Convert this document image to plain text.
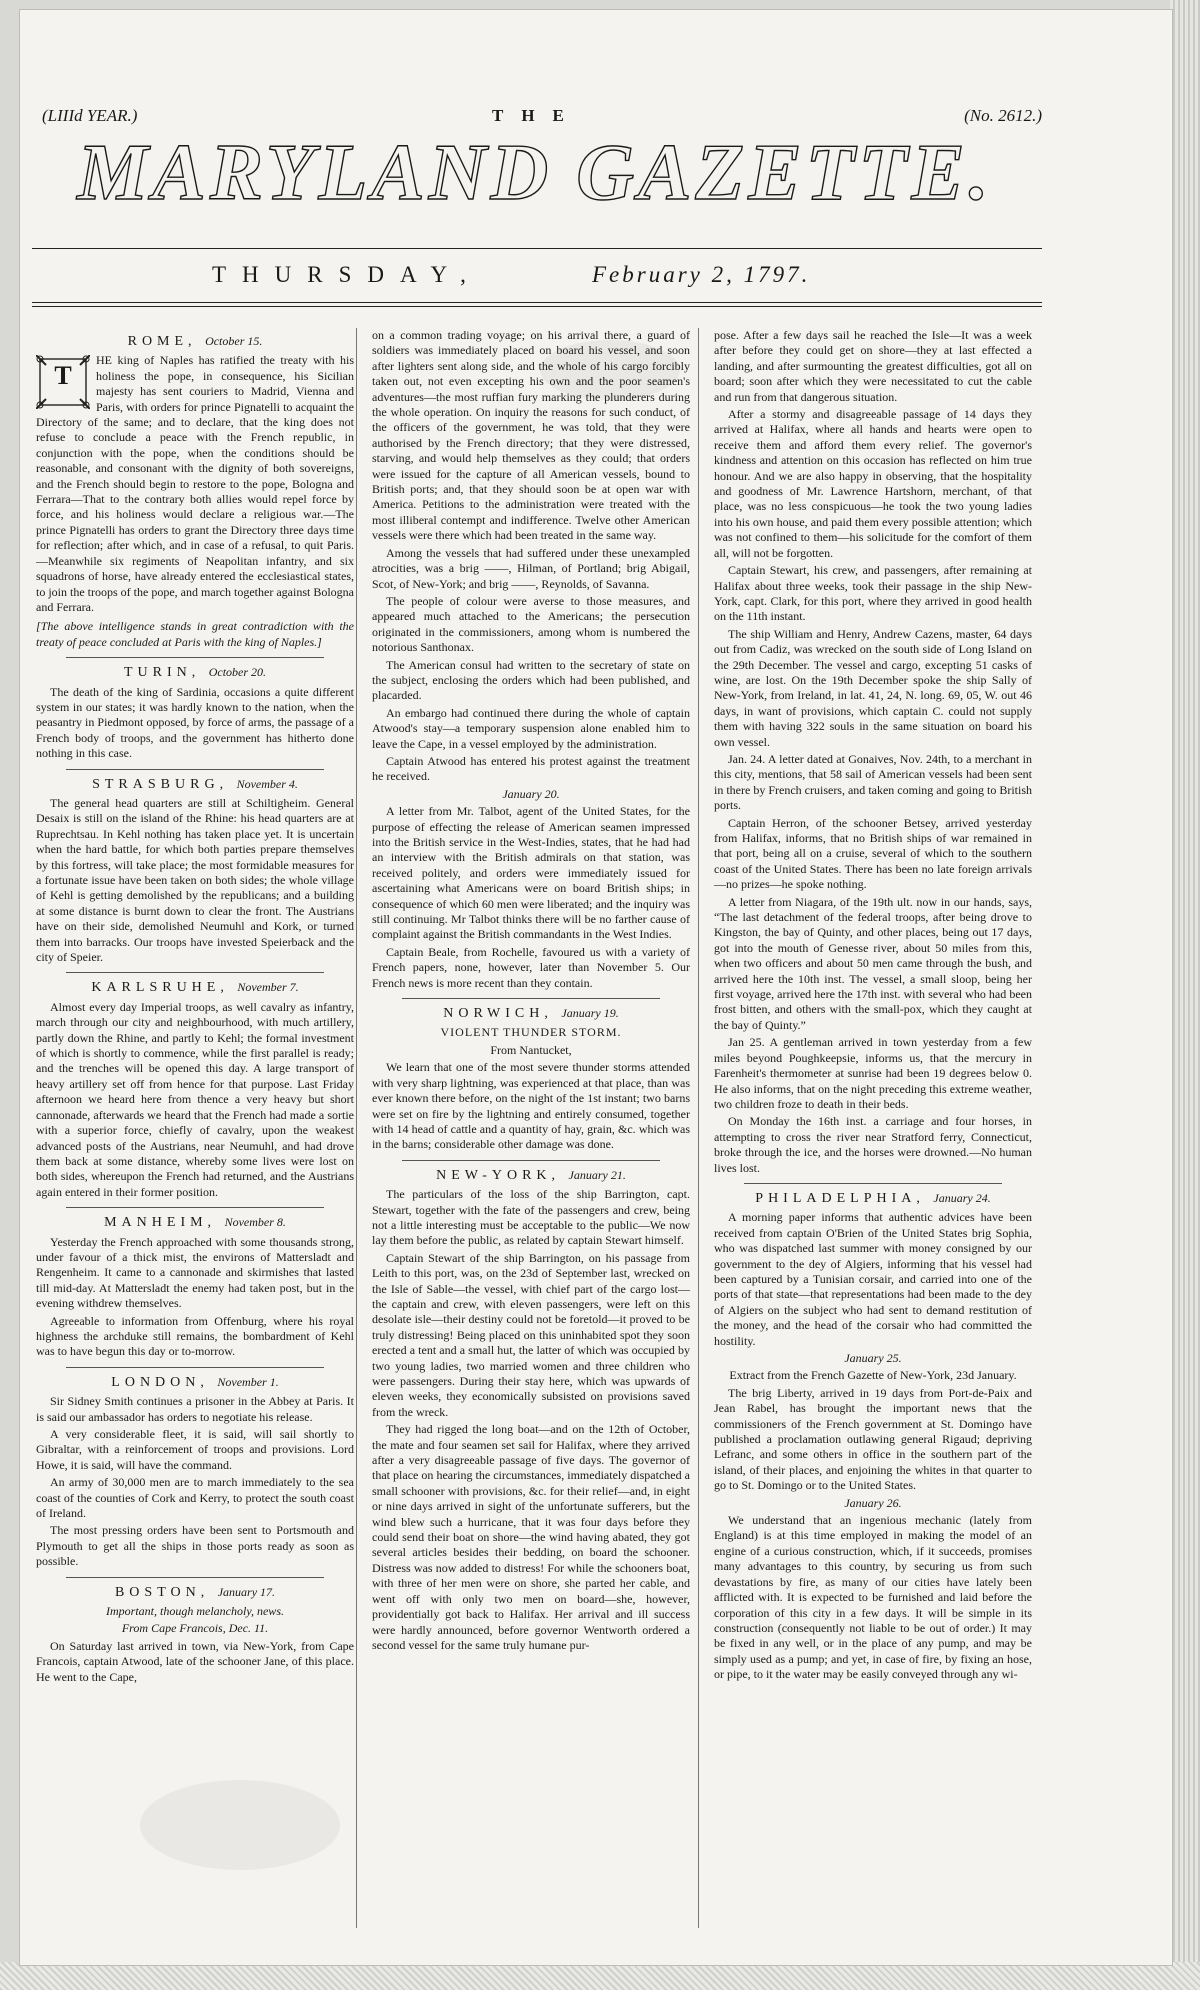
(LIIId YEAR.)	THE	(No. 2612.)
MARYLAND GAZETTE.
THURSDAY,	February 2, 1797.
ROME, October 15.
T

HE king of Naples has ratified the treaty with his holiness the pope, in consequence, his Sicilian majesty has sent couriers to Madrid, Vienna and Paris, with orders for prince Pignatelli to acquaint the Directory of the same; and to declare, that the king does not refuse to conclude a peace with the French republic, in conjunction with the pope, when the conditions should be reasonable, and consonant with the dignity of both sovereigns, and the French should begin to restore to the pope, Bologna and Ferrara—That to the contrary both allies would repel force by force, and his holiness would declare a religious war.—The prince Pignatelli has orders to grant the Directory three days time for reflection; after which, and in case of a refusal, to quit Paris.—Meanwhile six regiments of Neapolitan infantry, and six squadrons of horse, have already entered the ecclesiastical states, to join the troops of the pope, and march together against Bologna and Ferrara.

[The above intelligence stands in great contradiction with the treaty of peace concluded at Paris with the king of Naples.]

TURIN, October 20.

The death of the king of Sardinia, occasions a quite different system in our states; it was hardly known to the nation, when the peasantry in Piedmont opposed, by force of arms, the passage of a French body of troops, and the government has hitherto done nothing in this case.

STRASBURG, November 4.

The general head quarters are still at Schiltigheim. General Desaix is still on the island of the Rhine: his head quarters are at Ruprechtsau. In Kehl nothing has taken place yet. It is uncertain when the hard battle, for which both parties prepare themselves by this fortress, will take place; the most formidable measures for a fortunate issue have been taken on both sides; the whole village of Kehl is getting demolished by the republicans; and a building at some distance is burnt down to clear the front. The Austrians have on their side, demolished Neumuhl and Kork, or turned them into barracks. Our troops have invested Speierback and the city of Speier.

KARLSRUHE, November 7.

Almost every day Imperial troops, as well cavalry as infantry, march through our city and neighbourhood, with much artillery, partly down the Rhine, and partly to Kehl; the formal investment of which is shortly to commence, while the first parallel is ready; and the trenches will be opened this day. A large transport of heavy artillery set off from hence for that purpose. Last Friday afternoon we heard here from thence a very heavy but short cannonade, afterwards we heard that the French had made a sortie with a superior force, chiefly of cavalry, upon the weakest advanced posts of the Austrians, near Neumuhl, and had drove them back at some distance, whereby some lives were lost on both sides, whereupon the French had returned, and the Austrians again entered in their former position.

MANHEIM, November 8.

Yesterday the French approached with some thousands strong, under favour of a thick mist, the environs of Mattersladt and Rengenheim. It came to a cannonade and skirmishes that lasted till mid-day. At Mattersladt the enemy had taken post, but in the evening withdrew themselves.

Agreeable to information from Offenburg, where his royal highness the archduke still remains, the bombardment of Kehl was to have begun this day or to-morrow.

LONDON, November 1.

Sir Sidney Smith continues a prisoner in the Abbey at Paris. It is said our ambassador has orders to negotiate his release.

A very considerable fleet, it is said, will sail shortly to Gibraltar, with a reinforcement of troops and provisions. Lord Howe, it is said, will have the command.

An army of 30,000 men are to march immediately to the sea coast of the counties of Cork and Kerry, to protect the south coast of Ireland.

The most pressing orders have been sent to Portsmouth and Plymouth to get all the ships in those ports ready as soon as possible.

BOSTON, January 17.
Important, though melancholy, news.
From Cape Francois, Dec. 11.

On Saturday last arrived in town, via New-York, from Cape Francois, captain Atwood, late of the schooner Jane, of this place. He went to the Cape,

on a common trading voyage; on his arrival there, a guard of soldiers was immediately placed on board his vessel, and soon after lighters sent along side, and the whole of his cargo forcibly taken out, not even excepting his own and the poor seamen's adventures—the most ruffian fury marking the plunderers during the whole operation. On inquiry the reasons for such conduct, of the officers of the government, he was told, that they were authorised by the French directory; that they were distressed, starving, and would help themselves as they could; that orders were issued for the capture of all American vessels, bound to British ports; and, that they should soon be at open war with America. Petitions to the administration were treated with the most illiberal contempt and indifference. Twelve other American vessels were there which had been treated in the same way.

Among the vessels that had suffered under these unexampled atrocities, was a brig ——, Hilman, of Portland; brig Abigail, Scot, of New-York; and brig ——, Reynolds, of Savanna.

The people of colour were averse to those measures, and appeared much attached to the Americans; the persecution originated in the commissioners, among whom is numbered the notorious Santhonax.

The American consul had written to the secretary of state on the subject, enclosing the orders which had been published, and placarded.

An embargo had continued there during the whole of captain Atwood's stay—a temporary suspension alone enabled him to leave the Cape, in a vessel employed by the administration.

Captain Atwood has entered his protest against the treatment he received.

January 20.

A letter from Mr. Talbot, agent of the United States, for the purpose of effecting the release of American seamen impressed into the British service in the West-Indies, states, that he had had an interview with the British admirals on that station, was received politely, and orders were immediately issued for ascertaining what Americans were on board British ships; in consequence of which 60 men were liberated; and the inquiry was still continuing. Mr Talbot thinks there will be no farther cause of complaint against the British commandants in the West Indies.

Captain Beale, from Rochelle, favoured us with a variety of French papers, none, however, later than November 5. Our French news is more recent than they contain.

NORWICH, January 19.
VIOLENT THUNDER STORM.
From Nantucket,

We learn that one of the most severe thunder storms attended with very sharp lightning, was experienced at that place, than was ever known there before, on the night of the 1st instant; two barns were set on fire by the lightning and entirely consumed, together with 14 head of cattle and a quantity of hay, grain, &c. which was in the barns; considerable other damage was done.

NEW-YORK, January 21.

The particulars of the loss of the ship Barrington, capt. Stewart, together with the fate of the passengers and crew, being not a little interesting must be acceptable to the public—We now lay them before the public, as related by captain Stewart himself.

Captain Stewart of the ship Barrington, on his passage from Leith to this port, was, on the 23d of September last, wrecked on the Isle of Sable—the vessel, with chief part of the cargo lost—the captain and crew, with eleven passengers, were left on this desolate isle—their destiny could not be foretold—it proved to be truly distressing! Being placed on this uninhabited spot they soon erected a tent and a small hut, the latter of which was occupied by two young ladies, two married women and three children who were passengers. During their stay here, which was upwards of eleven weeks, they economically subsisted on provisions saved from the wreck.

They had rigged the long boat—and on the 12th of October, the mate and four seamen set sail for Halifax, where they arrived after a very disagreeable passage of five days. The governor of that place on hearing the circumstances, immediately dispatched a small schooner with provisions, &c. for their relief—and, in eight or nine days arrived in sight of the unfortunate sufferers, but the wind blew such a hurricane, that it was four days before they could send their boat on shore—the wind having abated, they got several articles besides their bedding, on board the schooner. Distress was now added to distress! For while the schooners boat, with three of her men were on shore, she parted her cable, and went off with only two men on board—she, however, providentially got back to Halifax. Her arrival and ill success were hardly announced, before governor Wentworth ordered a second vessel for the same truly humane pur-

pose. After a few days sail he reached the Isle—It was a week after before they could get on shore—they at last effected a landing, and after surmounting the greatest difficulties, got all on board; soon after which they were necessitated to cut the cable and run from that dangerous situation.

After a stormy and disagreeable passage of 14 days they arrived at Halifax, where all hands and hearts were open to receive them and afford them every relief. The governor's kindness and attention on this occasion has reflected on him true honour. And we are also happy in observing, that the hospitality and goodness of Mr. Lawrence Hartshorn, merchant, of that place, was no less conspicuous—he took the two young ladies into his own house, and paid them every possible attention; which was not confined to them—his solicitude for the comfort of them all, will not be forgotten.

Captain Stewart, his crew, and passengers, after remaining at Halifax about three weeks, took their passage in the ship New-York, capt. Clark, for this port, where they arrived in good health on the 11th instant.

The ship William and Henry, Andrew Cazens, master, 64 days out from Cadiz, was wrecked on the south side of Long Island on the 29th December. The vessel and cargo, excepting 51 casks of wine, are lost. On the 19th December spoke the ship Sally of New-York, from Ireland, in lat. 41, 24, N. long. 69, 05, W. out 46 days, in want of provisions, which captain C. could not supply them with having 322 souls in the same situation on board his own vessel.

Jan. 24. A letter dated at Gonaives, Nov. 24th, to a merchant in this city, mentions, that 58 sail of American vessels had been sent in there by French cruisers, and taken coming and going to British ports.

Captain Herron, of the schooner Betsey, arrived yesterday from Halifax, informs, that no British ships of war remained in that port, being all on a cruise, several of which to the southern coast of the United States. There has been no late foreign arrivals—no prizes—he spoke nothing.

A letter from Niagara, of the 19th ult. now in our hands, says, “The last detachment of the federal troops, after being drove to Kingston, the bay of Quinty, and other places, being out 17 days, got into the mouth of Genesse river, about 50 miles from this, when two officers and about 50 men came through the bush, and arrived here the 10th inst. The vessel, a small sloop, being her first voyage, arrived here the 17th inst. with several who had been frost bitten, and others with the small-pox, which they caught at the bay of Quinty.”

Jan 25. A gentleman arrived in town yesterday from a few miles beyond Poughkeepsie, informs us, that the mercury in Farenheit's thermometer at sunrise had been 19 degrees below 0. He also informs, that on the night preceding this extreme weather, two children froze to death in their beds.

On Monday the 16th inst. a carriage and four horses, in attempting to cross the river near Stratford ferry, Connecticut, broke through the ice, and the horses were drowned.—No human lives lost.

PHILADELPHIA, January 24.

A morning paper informs that authentic advices have been received from captain O'Brien of the United States brig Sophia, who was dispatched last summer with money consigned by our government to the dey of Algiers, informing that his vessel had been captured by a Tunisian corsair, and carried into one of the ports of that state—that representations had been made to the dey of Algiers on the subject who had sent to demand restitution of the money, and the head of the corsair who had committed the hostility.

January 25.
Extract from the French Gazette of New-York, 23d January.

The brig Liberty, arrived in 19 days from Port-de-Paix and Jean Rabel, has brought the important news that the commissioners of the French government at St. Domingo have published a proclamation outlawing general Rigaud; depriving Lefranc, and some others in office in the southern part of the island, of their places, and enjoining the whites in that quarter to go to St. Domingo or to the United States.

January 26.

We understand that an ingenious mechanic (lately from England) is at this time employed in making the model of an engine of a curious construction, which, if it succeeds, promises many advantages to this country, by securing us from such devastations by fire, as many of our cities have lately been afflicted with. It is expected to be furnished and laid before the corporation of this city in a few days. It will be simple in its construction (consequently not liable to be out of order.) It may be fixed in any well, or in the place of any pump, and may be simply used as a pump; and yet, in case of fire, by fixing an hose, or pipe, to it the water may be easily conveyed through any wi-
